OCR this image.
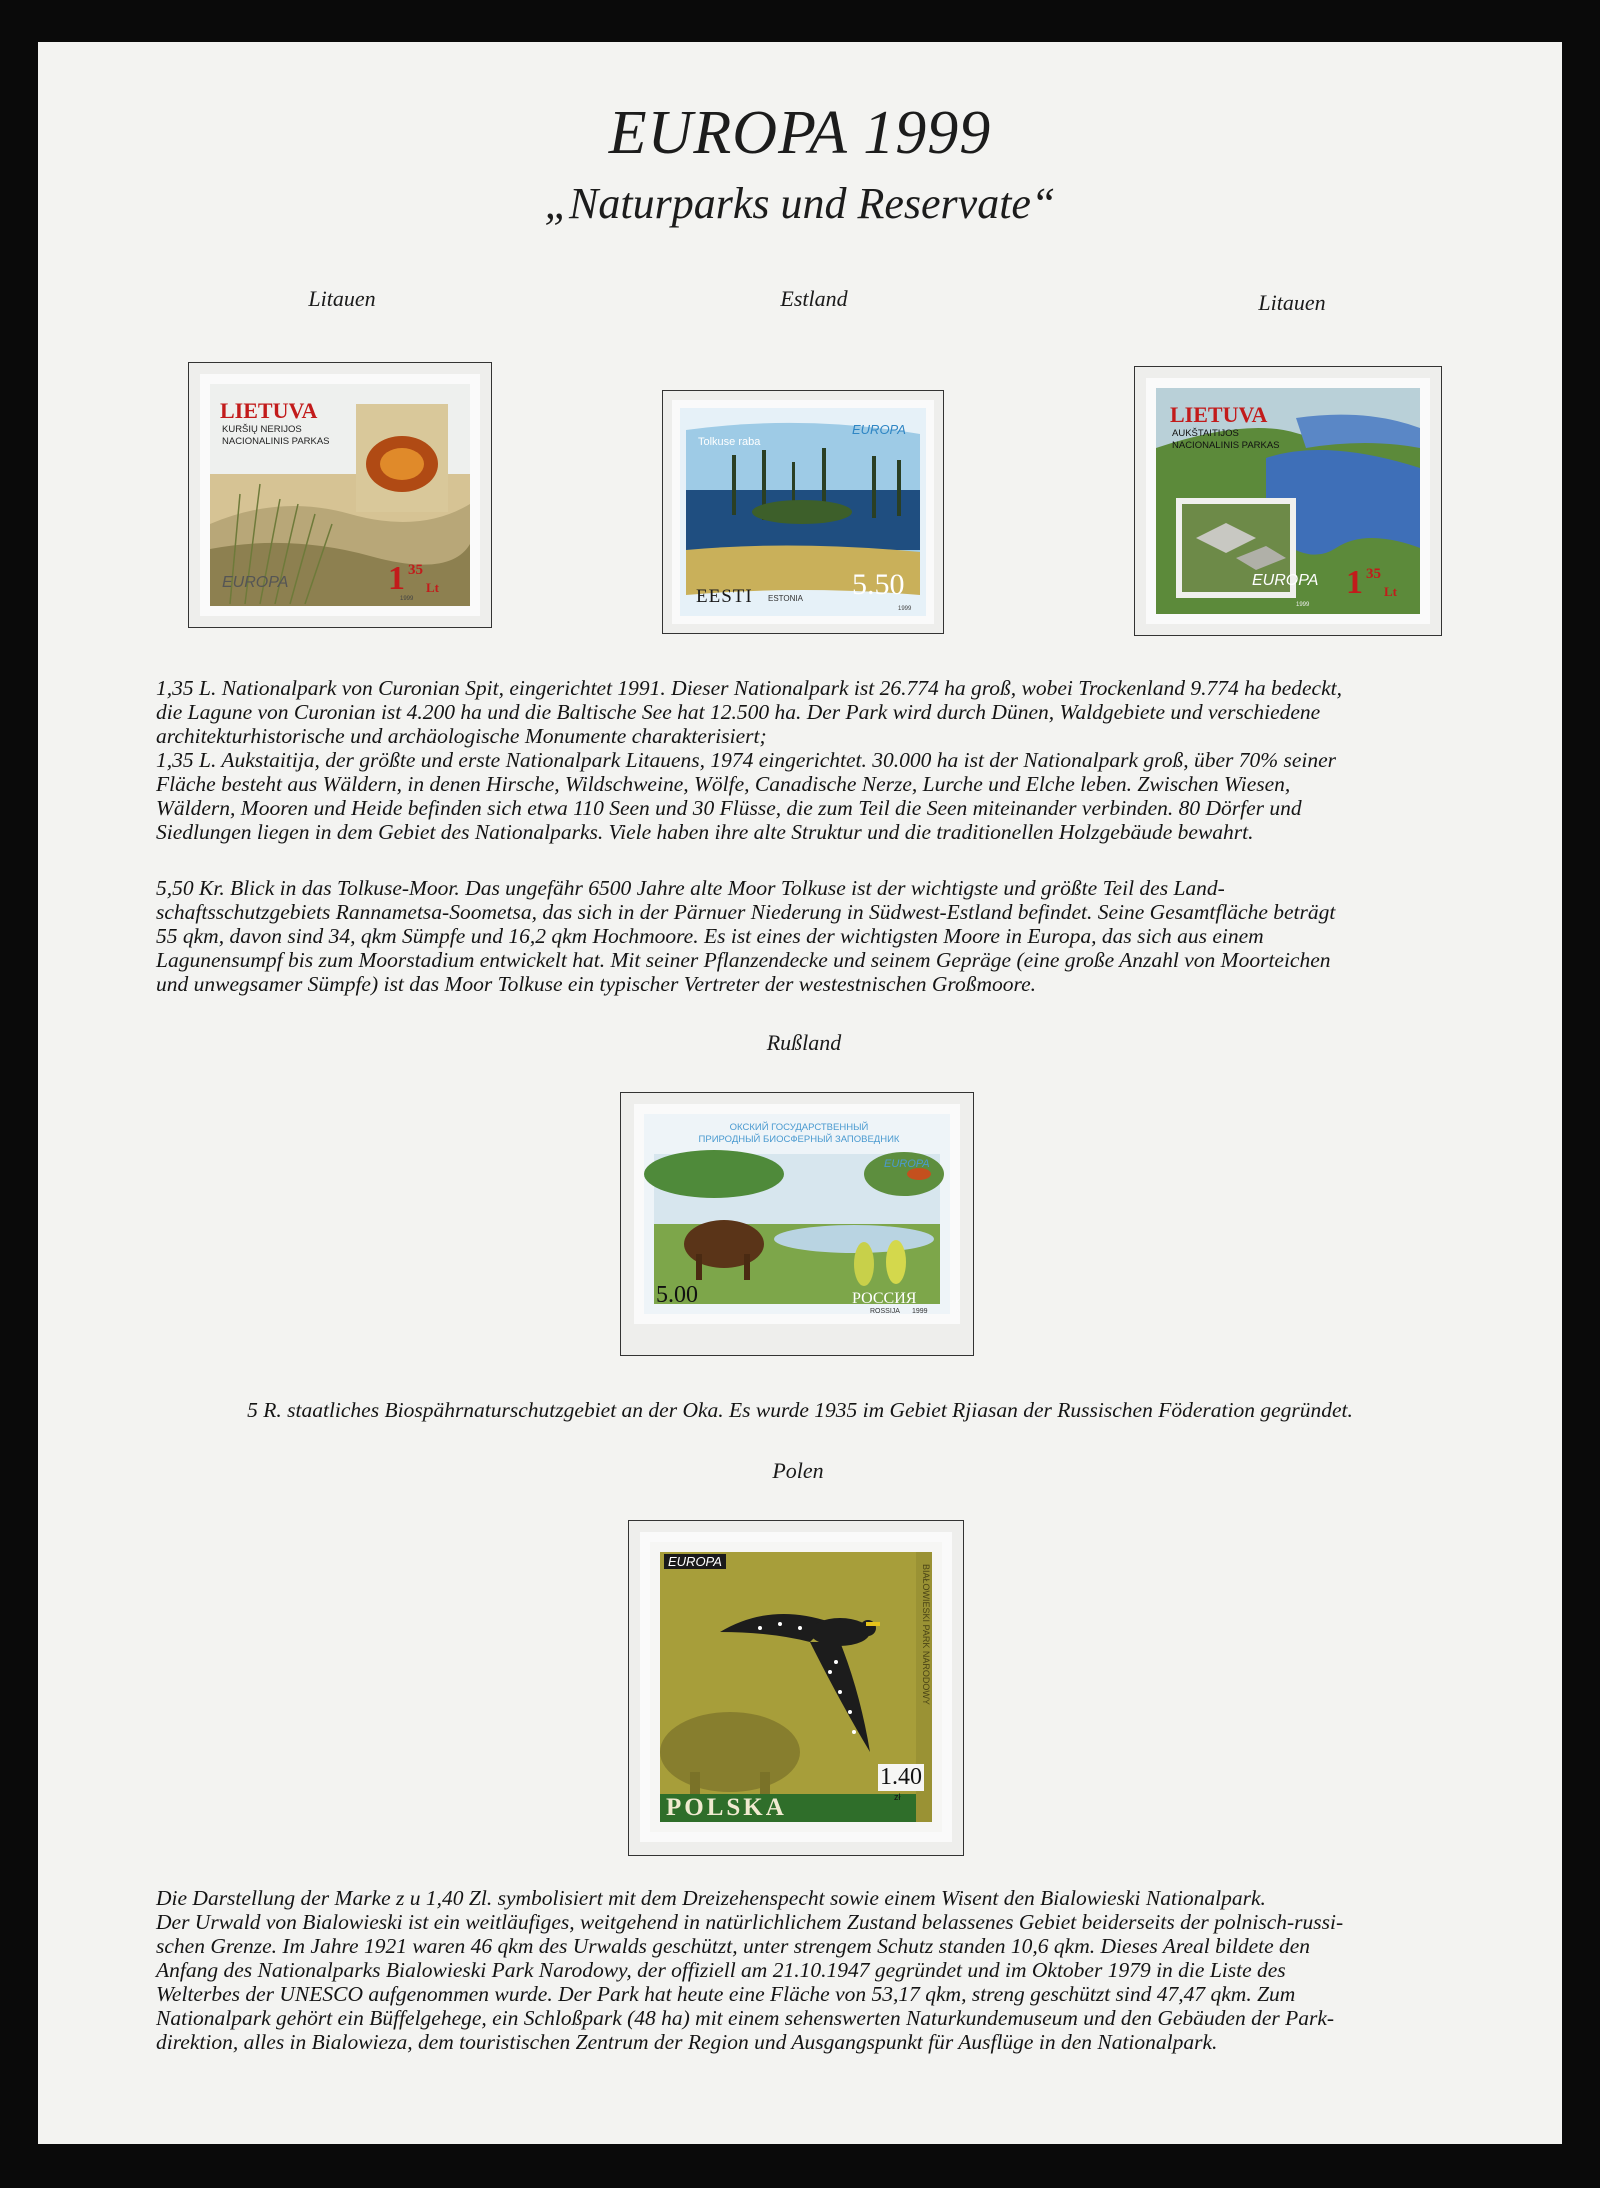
EUROPA 1999
„Naturparks und Reservate“
Litauen	Estland	Litauen
LIETUVA
KURŠIŲ NERIJOS
NACIONALINIS PARKAS
EUROPA	1 35
Lt
1999
Tolkuse raba
EUROPA
EESTI ESTONIA 5.50
1999
LIETUVA
AUKŠTAITIJOS
NACIONALINIS PARKAS
EUROPA 1 35
Lt
1999
1,35 L. Nationalpark von Curonian Spit, eingerichtet 1991. Dieser Nationalpark ist 26.774 ha groß, wobei Trockenland 9.774 ha bedeckt,
die Lagune von Curonian ist 4.200 ha und die Baltische See hat 12.500 ha. Der Park wird durch Dünen, Waldgebiete und verschiedene
architekturhistorische und archäologische Monumente charakterisiert;
1,35 L. Aukstaitija, der größte und erste Nationalpark Litauens, 1974 eingerichtet. 30.000 ha ist der Nationalpark groß, über 70% seiner
Fläche besteht aus Wäldern, in denen Hirsche, Wildschweine, Wölfe, Canadische Nerze, Lurche und Elche leben. Zwischen Wiesen,
Wäldern, Mooren und Heide befinden sich etwa 110 Seen und 30 Flüsse, die zum Teil die Seen miteinander verbinden. 80 Dörfer und
Siedlungen liegen in dem Gebiet des Nationalparks. Viele haben ihre alte Struktur und die traditionellen Holzgebäude bewahrt.
5,50 Kr. Blick in das Tolkuse-Moor. Das ungefähr 6500 Jahre alte Moor Tolkuse ist der wichtigste und größte Teil des Land-
schaftsschutzgebiets Rannametsa-Soometsa, das sich in der Pärnuer Niederung in Südwest-Estland befindet. Seine Gesamtfläche beträgt
55 qkm, davon sind 34, qkm Sümpfe und 16,2 qkm Hochmoore. Es ist eines der wichtigsten Moore in Europa, das sich aus einem
Lagunensumpf bis zum Moorstadium entwickelt hat. Mit seiner Pflanzendecke und seinem Gepräge (eine große Anzahl von Moorteichen
und unwegsamer Sümpfe) ist das Moor Tolkuse ein typischer Vertreter der westestnischen Großmoore.
Rußland
ОКСКИЙ ГОСУДАРСТВЕННЫЙ
ПРИРОДНЫЙ БИОСФЕРНЫЙ ЗАПОВЕДНИК
EUROPA
5.00	РОССИЯ
ROSSIJA 1999
5 R. staatliches Biospährnaturschutzgebiet an der Oka. Es wurde 1935 im Gebiet Rjiasan der Russischen Föderation gegründet.
Polen
EUROPA
BIAŁOWIESKI PARK NARODOWY
1.40
zł
POLSKA
Die Darstellung der Marke z u 1,40 Zl. symbolisiert mit dem Dreizehenspecht sowie einem Wisent den Bialowieski Nationalpark.
Der Urwald von Bialowieski ist ein weitläufiges, weitgehend in natürlichlichem Zustand belassenes Gebiet beiderseits der polnisch-russi-
schen Grenze. Im Jahre 1921 waren 46 qkm des Urwalds geschützt, unter strengem Schutz standen 10,6 qkm. Dieses Areal bildete den
Anfang des Nationalparks Bialowieski Park Narodowy, der offiziell am 21.10.1947 gegründet und im Oktober 1979 in die Liste des
Welterbes der UNESCO aufgenommen wurde. Der Park hat heute eine Fläche von 53,17 qkm, streng geschützt sind 47,47 qkm. Zum
Nationalpark gehört ein Büffelgehege, ein Schloßpark (48 ha) mit einem sehenswerten Naturkundemuseum und den Gebäuden der Park-
direktion, alles in Bialowieza, dem touristischen Zentrum der Region und Ausgangspunkt für Ausflüge in den Nationalpark.
